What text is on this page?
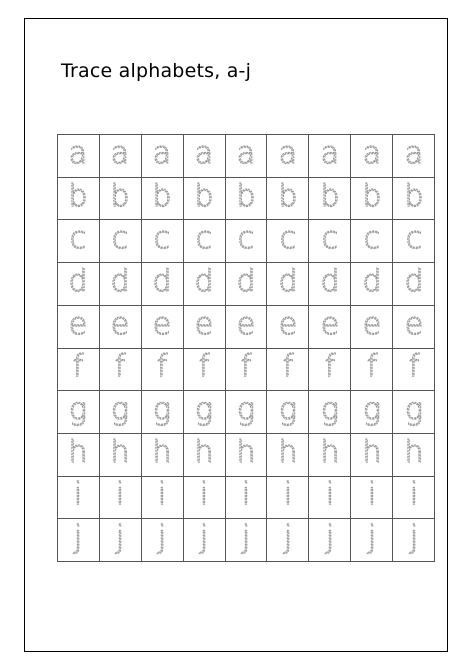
Trace alphabets, a-j
a a a a a a a a a
b b b b b b b b b
c c c c c c c c c
d d d d d d d d d
e e e e e e e e e
f f f f f f f f f
g g g g g g g g g
h h h h h h h h h
i i i i i i i i i
j j j j j j j j j
